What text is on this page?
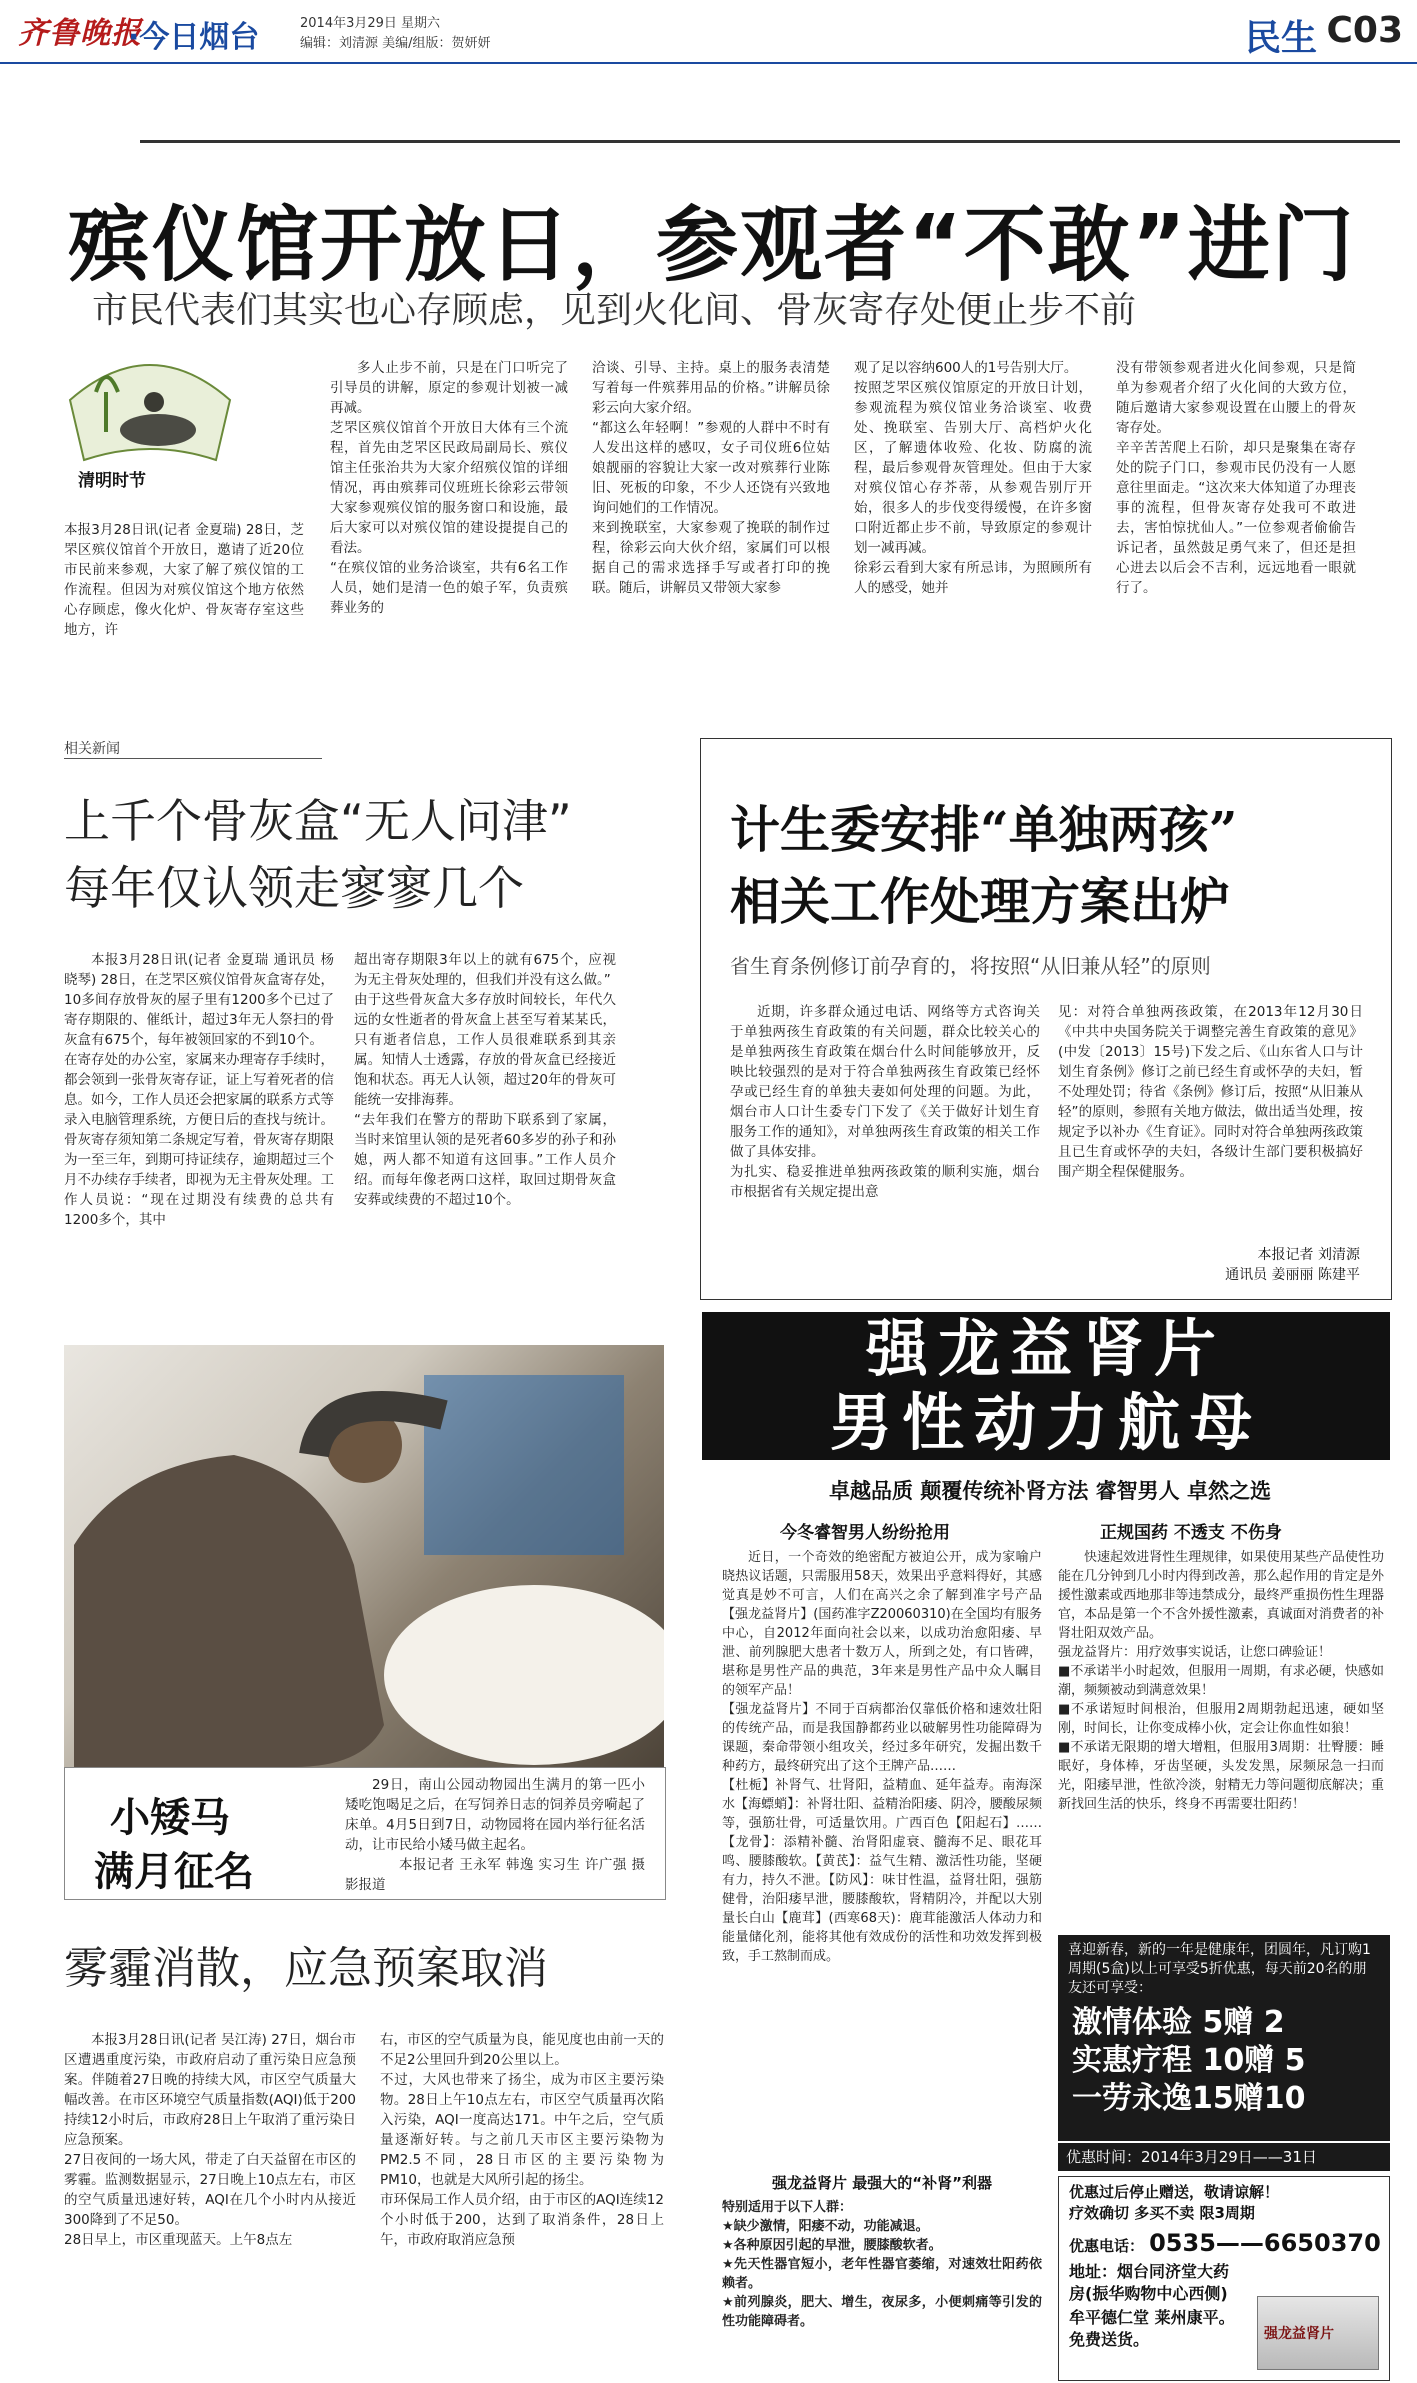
齐鲁晚报
·今日烟台	2014年3月29日 星期六
编辑：刘清源 美编/组版：贺妍妍	民生 C03
殡仪馆开放日，参观者“不敢”进门
市民代表们其实也心存顾虑，见到火化间、骨灰寄存处便止步不前
清明时节
本报3月28日讯(记者 金夏瑞) 28日，芝罘区殡仪馆首个开放日，邀请了近20位市民前来参观，大家了解了殡仪馆的工作流程。但因为对殡仪馆这个地方依然心存顾虑，像火化炉、骨灰寄存室这些地方，许

多人止步不前，只是在门口听完了引导员的讲解，原定的参观计划被一减再减。
芝罘区殡仪馆首个开放日大体有三个流程，首先由芝罘区民政局副局长、殡仪馆主任张治共为大家介绍殡仪馆的详细情况，再由殡葬司仪班班长徐彩云带领大家参观殡仪馆的服务窗口和设施，最后大家可以对殡仪馆的建设提提自己的看法。
“在殡仪馆的业务洽谈室，共有6名工作人员，她们是清一色的娘子军，负责殡葬业务的

洽谈、引导、主持。桌上的服务表清楚写着每一件殡葬用品的价格。”讲解员徐彩云向大家介绍。
“都这么年轻啊！”参观的人群中不时有人发出这样的感叹，女子司仪班6位姑娘靓丽的容貌让大家一改对殡葬行业陈旧、死板的印象，不少人还饶有兴致地询问她们的工作情况。
来到挽联室，大家参观了挽联的制作过程，徐彩云向大伙介绍，家属们可以根据自己的需求选择手写或者打印的挽联。随后，讲解员又带领大家参

观了足以容纳600人的1号告别大厅。
按照芝罘区殡仪馆原定的开放日计划，参观流程为殡仪馆业务洽谈室、收费处、挽联室、告别大厅、高档炉火化区，了解遗体收殓、化妆、防腐的流程，最后参观骨灰管理处。但由于大家对殡仪馆心存芥蒂，从参观告别厅开始，很多人的步伐变得缓慢，在许多窗口附近都止步不前，导致原定的参观计划一减再减。
徐彩云看到大家有所忌讳，为照顾所有人的感受，她并

没有带领参观者进火化间参观，只是简单为参观者介绍了火化间的大致方位，随后邀请大家参观设置在山腰上的骨灰寄存处。
辛辛苦苦爬上石阶，却只是聚集在寄存处的院子门口，参观市民仍没有一人愿意往里面走。“这次来大体知道了办理丧事的流程，但骨灰寄存处我可不敢进去，害怕惊扰仙人。”一位参观者偷偷告诉记者，虽然鼓足勇气来了，但还是担心进去以后会不吉利，远远地看一眼就行了。

相关新闻
上千个骨灰盒“无人问津”
每年仅认领走寥寥几个

本报3月28日讯(记者 金夏瑞 通讯员 杨晓琴) 28日，在芝罘区殡仪馆骨灰盒寄存处，10多间存放骨灰的屋子里有1200多个已过了寄存期限的、催纸计，超过3年无人祭扫的骨灰盒有675个，每年被领回家的不到10个。
在寄存处的办公室，家属来办理寄存手续时，都会领到一张骨灰寄存证，证上写着死者的信息。如今，工作人员还会把家属的联系方式等录入电脑管理系统，方便日后的查找与统计。
骨灰寄存须知第二条规定写着，骨灰寄存期限为一至三年，到期可持证续存，逾期超过三个月不办续存手续者，即视为无主骨灰处理。工作人员说：“现在过期没有续费的总共有1200多个，其中

超出寄存期限3年以上的就有675个，应视为无主骨灰处理的，但我们并没有这么做。”
由于这些骨灰盒大多存放时间较长，年代久远的女性逝者的骨灰盒上甚至写着某某氏，只有逝者信息，工作人员很难联系到其亲属。知情人士透露，存放的骨灰盒已经接近饱和状态。再无人认领，超过20年的骨灰可能统一安排海葬。
“去年我们在警方的帮助下联系到了家属，当时来馆里认领的是死者60多岁的孙子和孙媳，两人都不知道有这回事。”工作人员介绍。而每年像老两口这样，取回过期骨灰盒安葬或续费的不超过10个。

计生委安排“单独两孩”
相关工作处理方案出炉
省生育条例修订前孕育的，将按照“从旧兼从轻”的原则

近期，许多群众通过电话、网络等方式咨询关于单独两孩生育政策的有关问题，群众比较关心的是单独两孩生育政策在烟台什么时间能够放开，反映比较强烈的是对于符合单独两孩生育政策已经怀孕或已经生育的单独夫妻如何处理的问题。为此，烟台市人口计生委专门下发了《关于做好计划生育服务工作的通知》，对单独两孩生育政策的相关工作做了具体安排。
为扎实、稳妥推进单独两孩政策的顺利实施，烟台市根据省有关规定提出意

见：对符合单独两孩政策，在2013年12月30日《中共中央国务院关于调整完善生育政策的意见》(中发〔2013〕15号)下发之后、《山东省人口与计划生育条例》修订之前已经生育或怀孕的夫妇，暂不处理处罚；待省《条例》修订后，按照“从旧兼从轻”的原则，参照有关地方做法，做出适当处理，按规定予以补办《生育证》。同时对符合单独两孩政策且已生育或怀孕的夫妇，各级计生部门要积极搞好围产期全程保健服务。

本报记者 刘清源
通讯员 姜丽丽 陈建平
小矮马
满月征名

29日，南山公园动物园出生满月的第一匹小矮吃饱喝足之后，在写饲养日志的饲养员旁嗬起了床单。4月5日到7日，动物园将在园内举行征名活动，让市民给小矮马做主起名。

本报记者 王永军 韩逸 实习生 许广强 摄影报道

雾霾消散，应急预案取消

本报3月28日讯(记者 吴江涛) 27日，烟台市区遭遇重度污染，市政府启动了重污染日应急预案。伴随着27日晚的持续大风，市区空气质量大幅改善。在市区环境空气质量指数(AQI)低于200持续12小时后，市政府28日上午取消了重污染日应急预案。
27日夜间的一场大风，带走了白天益留在市区的雾霾。监测数据显示，27日晚上10点左右，市区的空气质量迅速好转，AQI在几个小时内从接近300降到了不足50。
28日早上，市区重现蓝天。上午8点左

右，市区的空气质量为良，能见度也由前一天的不足2公里回升到20公里以上。
不过，大风也带来了扬尘，成为市区主要污染物。28日上午10点左右，市区空气质量再次陷入污染，AQI一度高达171。中午之后，空气质量逐渐好转。与之前几天市区主要污染物为PM2.5不同，28日市区的主要污染物为PM10，也就是大风所引起的扬尘。
市环保局工作人员介绍，由于市区的AQI连续12个小时低于200，达到了取消条件，28日上午，市政府取消应急预

强龙益肾片
男性动力航母
卓越品质 颠覆传统补肾方法 睿智男人 卓然之选
今冬睿智男人纷纷抢用	正规国药 不透支 不伤身

近日，一个奇效的绝密配方被迫公开，成为家喻户晓热议话题，只需服用58天，效果出乎意料得好，其感觉真是妙不可言，人们在高兴之余了解到准字号产品【强龙益肾片】(国药准字Z20060310)在全国均有服务中心，自2012年面向社会以来，以成功治愈阳痿、早泄、前列腺肥大患者十数万人，所到之处，有口皆碑，堪称是男性产品的典范，3年来是男性产品中众人瞩目的领军产品！
【强龙益肾片】不同于百病都治仅靠低价格和速效壮阳的传统产品，而是我国静都药业以破解男性功能障碍为课题，秦命带领小组攻关，经过多年研究，发掘出数千种药方，最终研究出了这个王牌产品……
【杜栀】补肾气、壮肾阳，益精血、延年益寿。南海深水【海螵蛸】：补肾壮阳、益精治阳痿、阴冷，腰酸尿频等，强筋壮骨，可适量饮用。广西百色【阳起石】……【龙骨】：添精补髓、治肾阳虚衰、髓海不足、眼花耳鸣、腰膝酸软。【黄芪】：益气生精、激活性功能，坚硬有力，持久不泄。【防风】：味甘性温，益肾壮阳，强筋健骨，治阳痿早泄，腰膝酸软，肾精阴冷，并配以大别量长白山【鹿茸】(西寒68天)：鹿茸能激活人体动力和能量储化剂，能将其他有效成份的活性和功效发挥到极致，手工熬制而成。

强龙益肾片 最强大的“补肾”利器

特别适用于以下人群：
★缺少激情，阳痿不动，功能减退。
★各种原因引起的早泄，腰膝酸软者。
★先天性器官短小，老年性器官萎缩，对速效壮阳药依赖者。
★前列腺炎，肥大、增生，夜尿多，小便刺痛等引发的性功能障碍者。

快速起效进肾性生理规律，如果使用某些产品使性功能在几分钟到几小时内得到改善，那么起作用的肯定是外援性激素或西地那非等违禁成分，最终严重损伤性生理器官，本品是第一个不含外援性激素，真诚面对消费者的补肾壮阳双效产品。
强龙益肾片：用疗效事实说话，让您口碑验证！
■不承诺半小时起效，但服用一周期，有求必硬，快感如潮，频频被动到满意效果！
■不承诺短时间根治，但服用2周期勃起迅速，硬如坚刚，时间长，让你变成棒小伙，定会让你血性如狼！
■不承诺无限期的增大增粗，但服用3周期：壮臀腰：睡眠好，身体棒，牙齿坚硬，头发发黑，尿频尿急一扫而光，阳痿早泄，性欲冷淡，射精无力等问题彻底解决；重新找回生活的快乐，终身不再需要壮阳药！

喜迎新春，新的一年是健康年，团圆年，凡订购1周期(5盒)以上可享受5折优惠，每天前20名的朋友还可享受：
激情体验 5赠 2
实惠疗程 10赠 5
一劳永逸15赠10
优惠时间：2014年3月29日——31日
优惠过后停止赠送，敬请谅解！
疗效确切 多买不卖 限3周期
优惠电话： 0535——6650370
地址：烟台同济堂大药房(振华购物中心西侧)
牟平德仁堂 莱州康平。免费送货。	强龙益肾片
